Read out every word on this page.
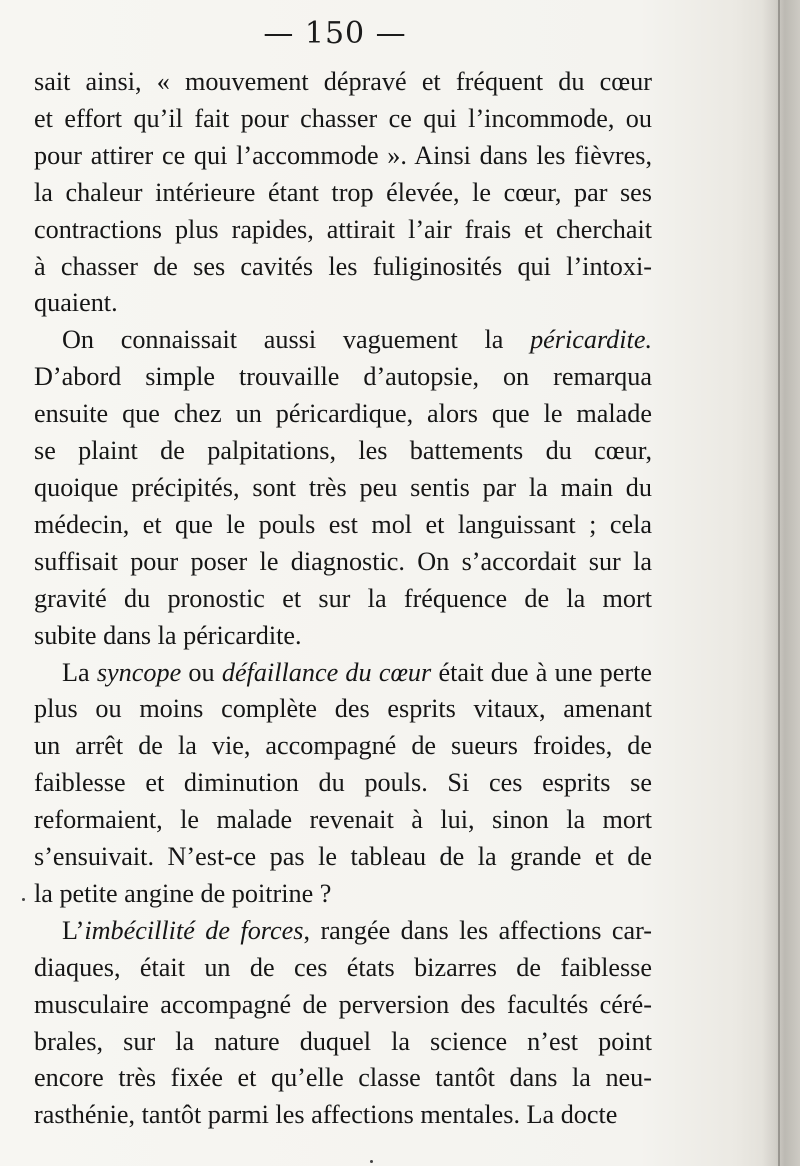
— 150 —
sait ainsi, « mouvement dépravé et fréquent du cœur
et effort qu’il fait pour chasser ce qui l’incommode, ou
pour attirer ce qui l’accommode ». Ainsi dans les fièvres,
la chaleur intérieure étant trop élevée, le cœur, par ses
contractions plus rapides, attirait l’air frais et cherchait
à chasser de ses cavités les fuliginosités qui l’intoxi-
quaient.
On connaissait aussi vaguement la péricardite.
D’abord simple trouvaille d’autopsie, on remarqua
ensuite que chez un péricardique, alors que le malade
se plaint de palpitations, les battements du cœur,
quoique précipités, sont très peu sentis par la main du
médecin, et que le pouls est mol et languissant ; cela
suffisait pour poser le diagnostic. On s’accordait sur la
gravité du pronostic et sur la fréquence de la mort
subite dans la péricardite.
La syncope ou défaillance du cœur était due à une perte
plus ou moins complète des esprits vitaux, amenant
un arrêt de la vie, accompagné de sueurs froides, de
faiblesse et diminution du pouls. Si ces esprits se
reformaient, le malade revenait à lui, sinon la mort
s’ensuivait. N’est-ce pas le tableau de la grande et de
la petite angine de poitrine ?
L’imbécillité de forces, rangée dans les affections car-
diaques, était un de ces états bizarres de faiblesse
musculaire accompagné de perversion des facultés céré-
brales, sur la nature duquel la science n’est point
encore très fixée et qu’elle classe tantôt dans la neu-
rasthénie, tantôt parmi les affections mentales. La docte
